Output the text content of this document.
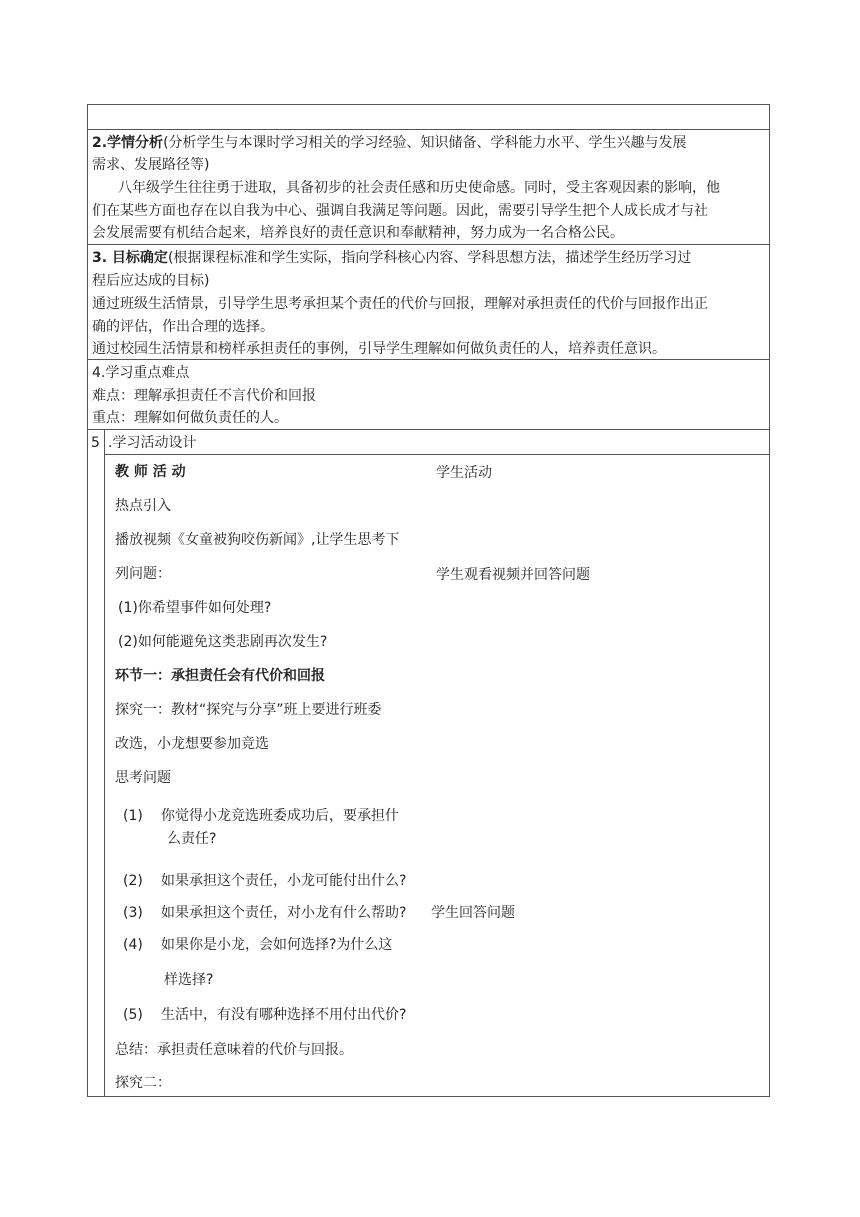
2.学情分析(分析学生与本课时学习相关的学习经验、知识储备、学科能力水平、学生兴趣与发展
需求、发展路径等)
八年级学生往往勇于进取，具备初步的社会责任感和历史使命感。同时，受主客观因素的影响，他
们在某些方面也存在以自我为中心、强调自我满足等问题。因此，需要引导学生把个人成长成才与社
会发展需要有机结合起来，培养良好的责任意识和奉献精神，努力成为一名合格公民。
3. 目标确定(根据课程标准和学生实际，指向学科核心内容、学科思想方法，描述学生经历学习过
程后应达成的目标)
通过班级生活情景，引导学生思考承担某个责任的代价与回报，理解对承担责任的代价与回报作出正
确的评估，作出合理的选择。
通过校园生活情景和榜样承担责任的事例，引导学生理解如何做负责任的人，培养责任意识。
4.学习重点难点
难点：理解承担责任不言代价和回报
重点：理解如何做负责任的人。
5 .学习活动设计
教 师 活 动	学生活动
热点引入
播放视频《女童被狗咬伤新闻》,让学生思考下
列问题：	学生观看视频并回答问题
(1)你希望事件如何处理?
(2)如何能避免这类悲剧再次发生?
环节一：承担责任会有代价和回报
探究一：教材“探究与分享”班上要进行班委
改选，小龙想要参加竞选
思考问题
(1) 你觉得小龙竞选班委成功后，要承担什
么责任?
(2) 如果承担这个责任，小龙可能付出什么?
(3) 如果承担这个责任，对小龙有什么帮助? 学生回答问题
(4) 如果你是小龙，会如何选择?为什么这
样选择?
(5) 生活中，有没有哪种选择不用付出代价?
总结：承担责任意味着的代价与回报。
探究二：
